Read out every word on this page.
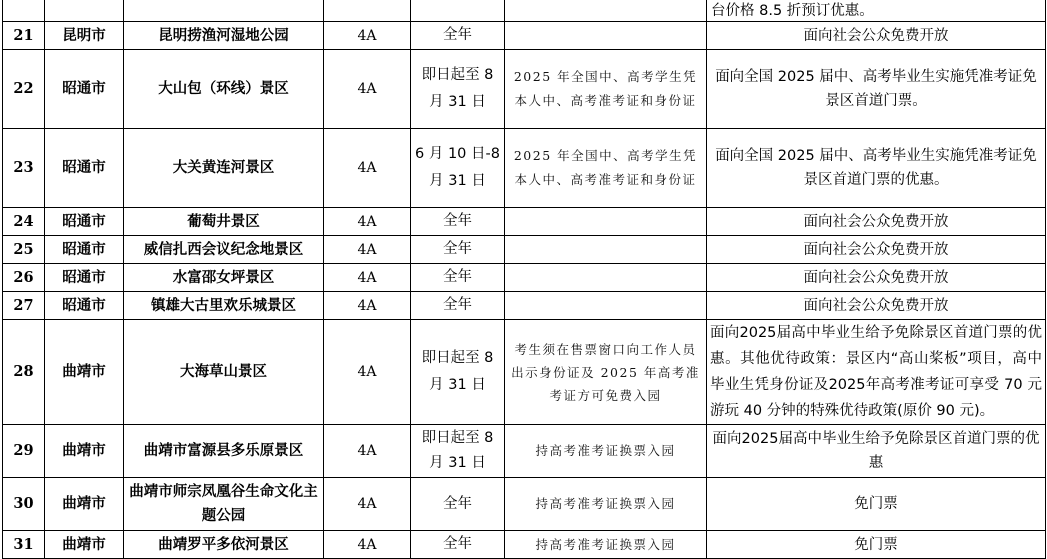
						台价格 8.5 折预订优惠。
21	昆明市	昆明捞渔河湿地公园	4A	全年		面向社会公众免费开放
22	昭通市	大山包（环线）景区	4A	即日起至 8 月 31 日	2025 年全国中、高考学生凭本人中、高考准考证和身份证	面向全国 2025 届中、高考毕业生实施凭准考证免景区首道门票。
23	昭通市	大关黄连河景区	4A	6 月 10 日-8 月 31 日	2025 年全国中、高考学生凭本人中、高考准考证和身份证	面向全国 2025 届中、高考毕业生实施凭准考证免景区首道门票的优惠。
24	昭通市	葡萄井景区	4A	全年		面向社会公众免费开放
25	昭通市	威信扎西会议纪念地景区	4A	全年		面向社会公众免费开放
26	昭通市	水富邵女坪景区	4A	全年		面向社会公众免费开放
27	昭通市	镇雄大古里欢乐城景区	4A	全年		面向社会公众免费开放
28	曲靖市	大海草山景区	4A	即日起至 8 月 31 日	考生须在售票窗口向工作人员出示身份证及 2025 年高考准考证方可免费入园	面向2025届高中毕业生给予免除景区首道门票的优惠。其他优待政策：景区内“高山桨板”项目，高中毕业生凭身份证及2025年高考准考证可享受 70 元游玩 40 分钟的特殊优待政策(原价 90 元)。
29	曲靖市	曲靖市富源县多乐原景区	4A	即日起至 8 月 31 日	持高考准考证换票入园	面向2025届高中毕业生给予免除景区首道门票的优惠
30	曲靖市	曲靖市师宗凤凰谷生命文化主题公园	4A	全年	持高考准考证换票入园	免门票
31	曲靖市	曲靖罗平多依河景区	4A	全年	持高考准考证换票入园	免门票
